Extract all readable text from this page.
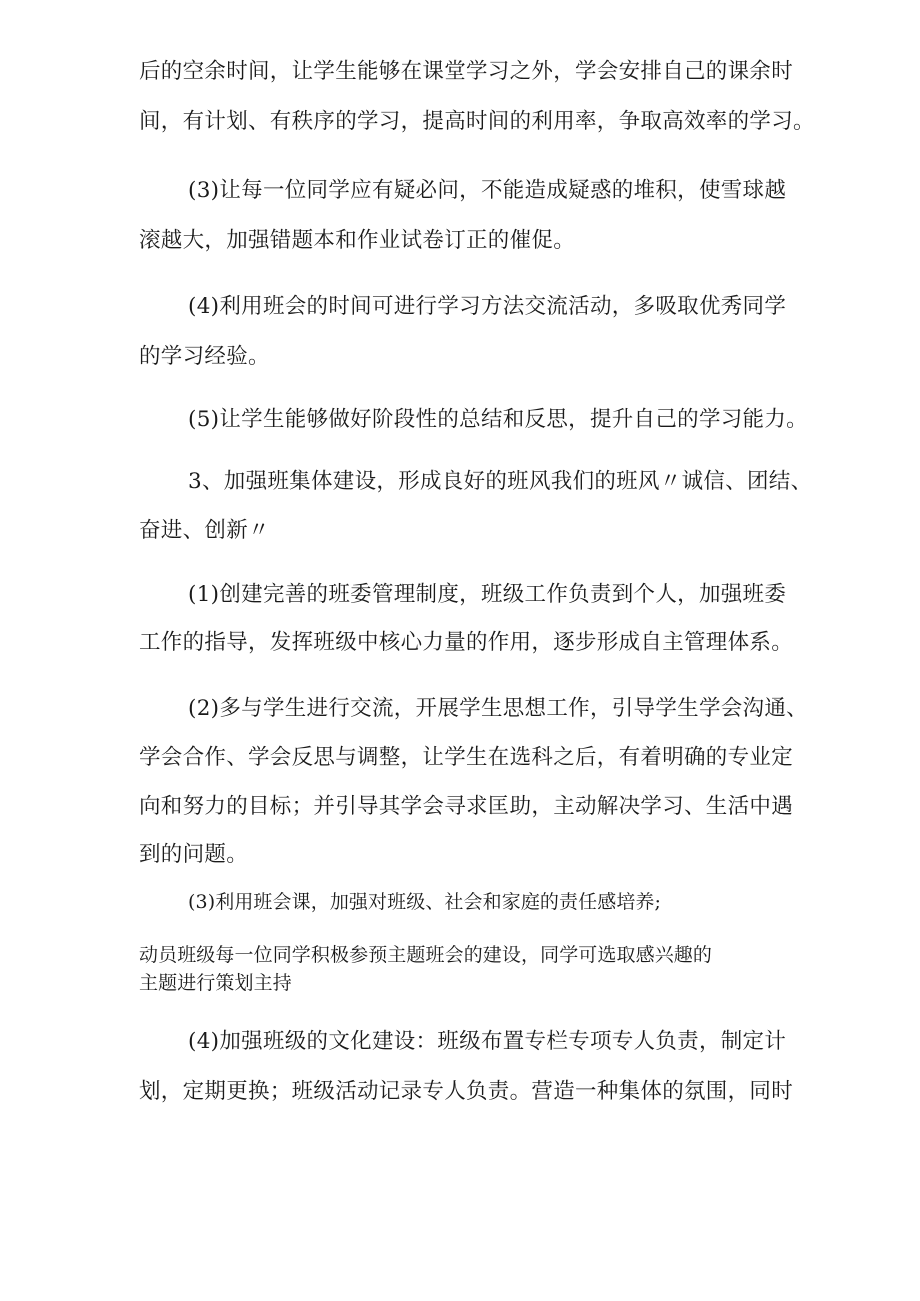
后的空余时间，让学生能够在课堂学习之外，学会安排自己的课余时

间，有计划、有秩序的学习，提高时间的利用率，争取高效率的学习。

(3)让每一位同学应有疑必问，不能造成疑惑的堆积，使雪球越

滚越大，加强错题本和作业试卷订正的催促。

(4)利用班会的时间可进行学习方法交流活动，多吸取优秀同学

的学习经验。

(5)让学生能够做好阶段性的总结和反思，提升自己的学习能力。

3、加强班集体建设，形成良好的班风我们的班风〃诚信、团结、

奋进、创新〃

(1)创建完善的班委管理制度，班级工作负责到个人，加强班委

工作的指导，发挥班级中核心力量的作用，逐步形成自主管理体系。

(2)多与学生进行交流，开展学生思想工作，引导学生学会沟通、

学会合作、学会反思与调整，让学生在选科之后，有着明确的专业定

向和努力的目标；并引导其学会寻求匡助，主动解决学习、生活中遇

到的问题。

(3)利用班会课，加强对班级、社会和家庭的责任感培养;

动员班级每一位同学积极参预主题班会的建设，同学可选取感兴趣的

主题进行策划主持

(4)加强班级的文化建设：班级布置专栏专项专人负责，制定计

划，定期更换；班级活动记录专人负责。营造一种集体的氛围，同时
